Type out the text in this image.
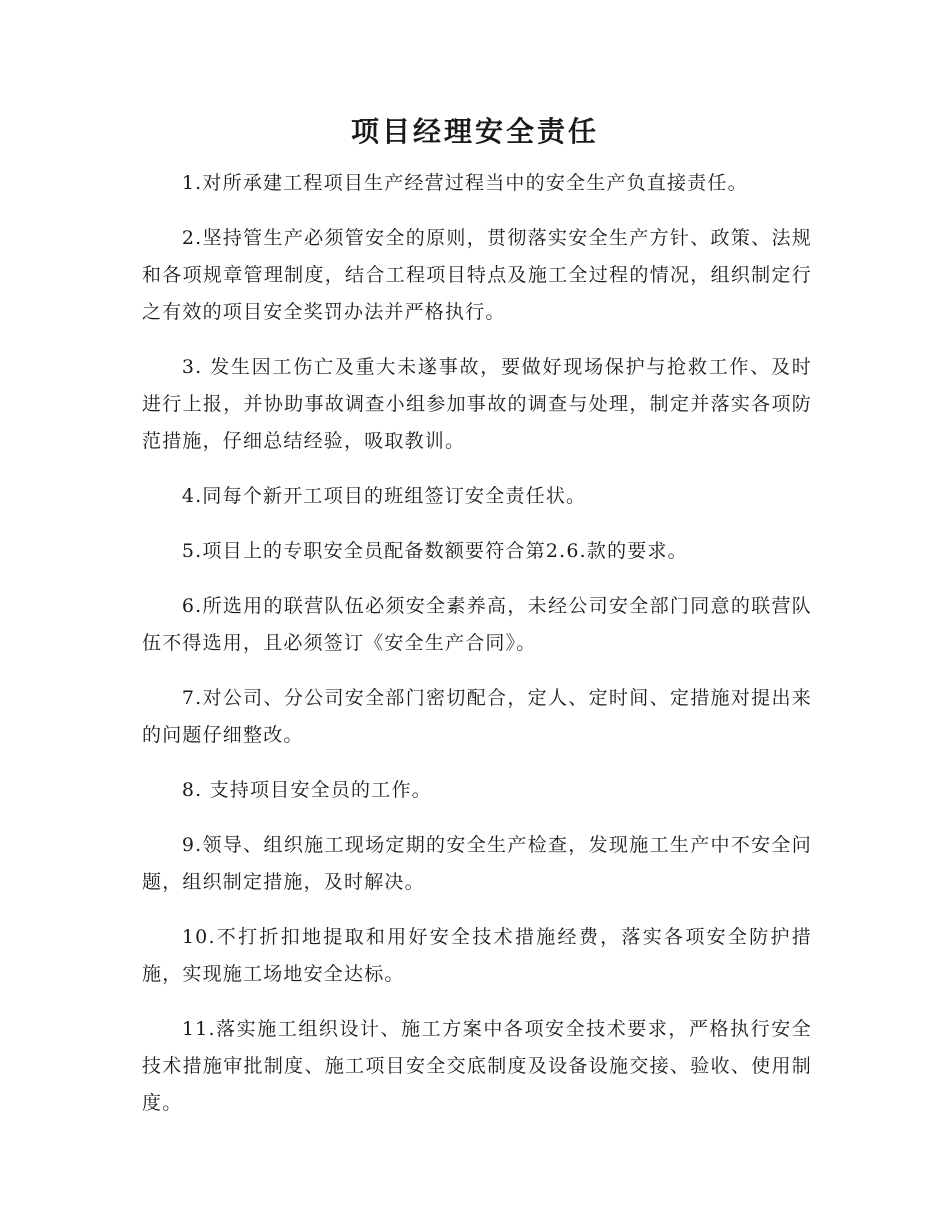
项目经理安全责任

1.对所承建工程项目生产经营过程当中的安全生产负直接责任。

2.坚持管生产必须管安全的原则，贯彻落实安全生产方针、政策、法规和各项规章管理制度，结合工程项目特点及施工全过程的情况，组织制定行之有效的项目安全奖罚办法并严格执行。

3. 发生因工伤亡及重大未遂事故，要做好现场保护与抢救工作、及时进行上报，并协助事故调查小组参加事故的调查与处理，制定并落实各项防范措施，仔细总结经验，吸取教训。

4.同每个新开工项目的班组签订安全责任状。

5.项目上的专职安全员配备数额要符合第2.6.款的要求。

6.所选用的联营队伍必须安全素养高，未经公司安全部门同意的联营队伍不得选用，且必须签订《安全生产合同》。

7.对公司、分公司安全部门密切配合，定人、定时间、定措施对提出来的问题仔细整改。

8. 支持项目安全员的工作。

9.领导、组织施工现场定期的安全生产检查，发现施工生产中不安全问题，组织制定措施，及时解决。

10.不打折扣地提取和用好安全技术措施经费，落实各项安全防护措施，实现施工场地安全达标。

11.落实施工组织设计、施工方案中各项安全技术要求，严格执行安全技术措施审批制度、施工项目安全交底制度及设备设施交接、验收、使用制度。
